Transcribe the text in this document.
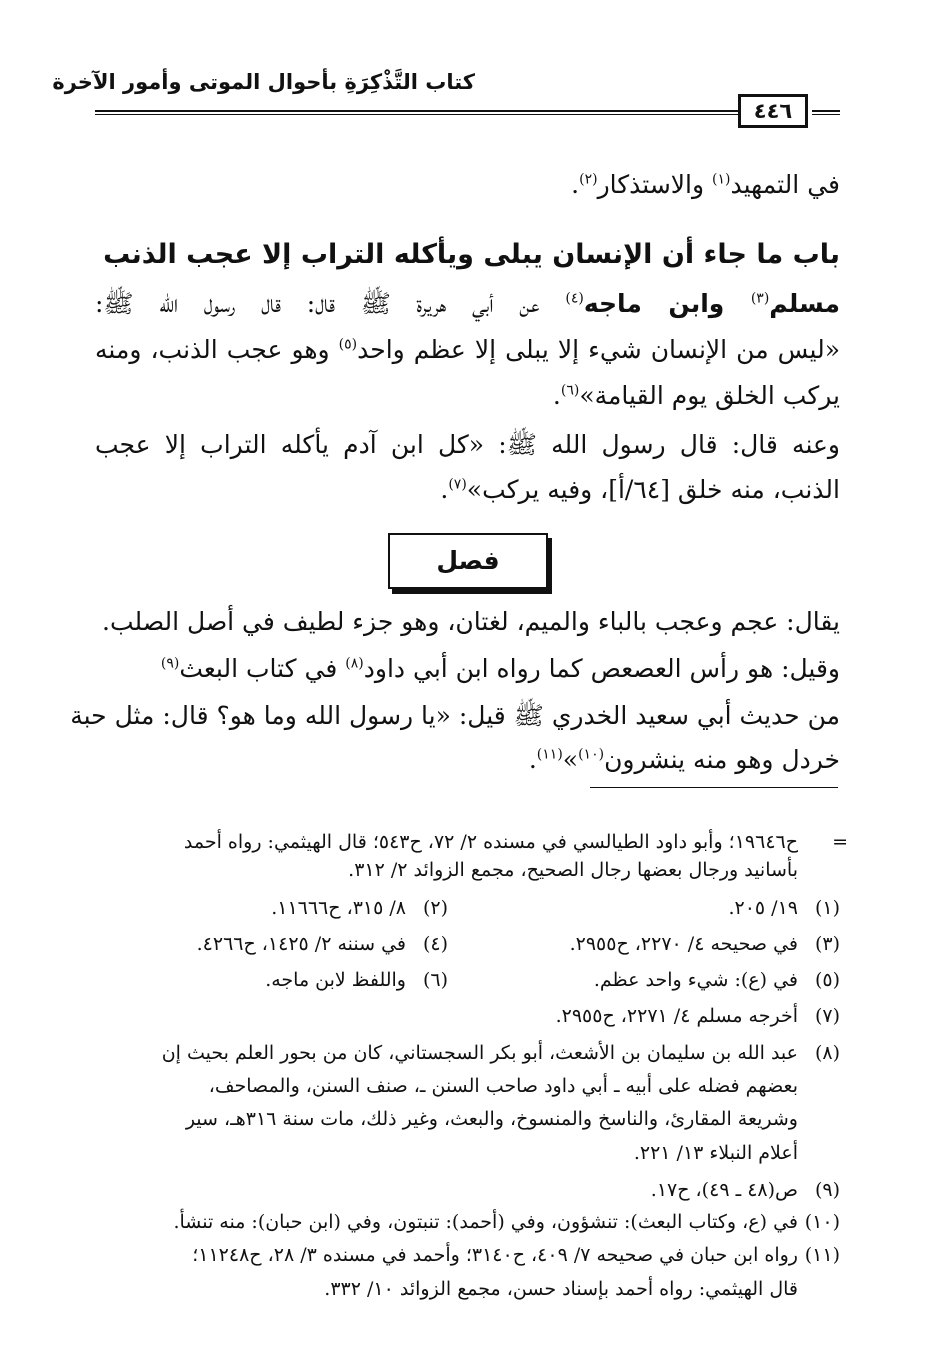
كتاب التَّذْكِرَةِ بأحوال الموتى وأمور الآخرة
٤٤٦
في التمهيد$^{(١)}$ والاستذكار$^{(٢)}$.
باب ما جاء أن الإنسان يبلى ويأكله التراب إلا عجب الذنب
مسلم$^{(٣)}$ وابن ماجه$^{(٤)}$ عن أبي هريرة ﷺ قال: قال رسول الله ﷺ:
«ليس من الإنسان شيء إلا يبلى إلا عظم واحد$^{(٥)}$ وهو عجب الذنب، ومنه
يركب الخلق يوم القيامة»$^{(٦)}$.
وعنه قال: قال رسول الله ﷺ: «كل ابن آدم يأكله التراب إلا عجب
الذنب، منه خلق [٦٤/أ]، وفيه يركب»$^{(٧)}$.
فصل
يقال: عجم وعجب بالباء والميم، لغتان، وهو جزء لطيف في أصل الصلب.
وقيل: هو رأس العصعص كما رواه ابن أبي داود$^{(٨)}$ في كتاب البعث$^{(٩)}$
من حديث أبي سعيد الخدري ﷺ قيل: «يا رسول الله وما هو؟ قال: مثل حبة
خردل وهو منه ينشرون$^{(١٠)}$»$^{(١١)}$.
=
ح١٩٦٤٦؛ وأبو داود الطيالسي في مسنده ٢/ ٧٢، ح٥٤٣؛ قال الهيثمي: رواه أحمد
بأسانيد ورجال بعضها رجال الصحيح، مجمع الزوائد ٢/ ٣١٢.
(١)
١٩/ ٢٠٥.
(٢)
٨/ ٣١٥، ح١١٦٦٦.
(٣)
في صحيحه ٤/ ٢٢٧٠، ح٢٩٥٥.
(٤)
في سننه ٢/ ١٤٢٥، ح٤٢٦٦.
(٥)
في (ع): شيء واحد عظم.
(٦)
واللفظ لابن ماجه.
(٧)
أخرجه مسلم ٤/ ٢٢٧١، ح٢٩٥٥.
(٨)
عبد الله بن سليمان بن الأشعث، أبو بكر السجستاني، كان من بحور العلم بحيث إن
بعضهم فضله على أبيه ـ أبي داود صاحب السنن ـ، صنف السنن، والمصاحف،
وشريعة المقارئ، والناسخ والمنسوخ، والبعث، وغير ذلك، مات سنة ٣١٦هـ، سير
أعلام النبلاء ١٣/ ٢٢١.
(٩)
ص(٤٨ ـ ٤٩)، ح١٧.
(١٠)
في (ع، وكتاب البعث): تنشؤون، وفي (أحمد): تنبتون، وفي (ابن حبان): منه تنشأ.
(١١)
رواه ابن حبان في صحيحه ٧/ ٤٠٩، ح٣١٤٠؛ وأحمد في مسنده ٣/ ٢٨، ح١١٢٤٨؛
قال الهيثمي: رواه أحمد بإسناد حسن، مجمع الزوائد ١٠/ ٣٣٢.
